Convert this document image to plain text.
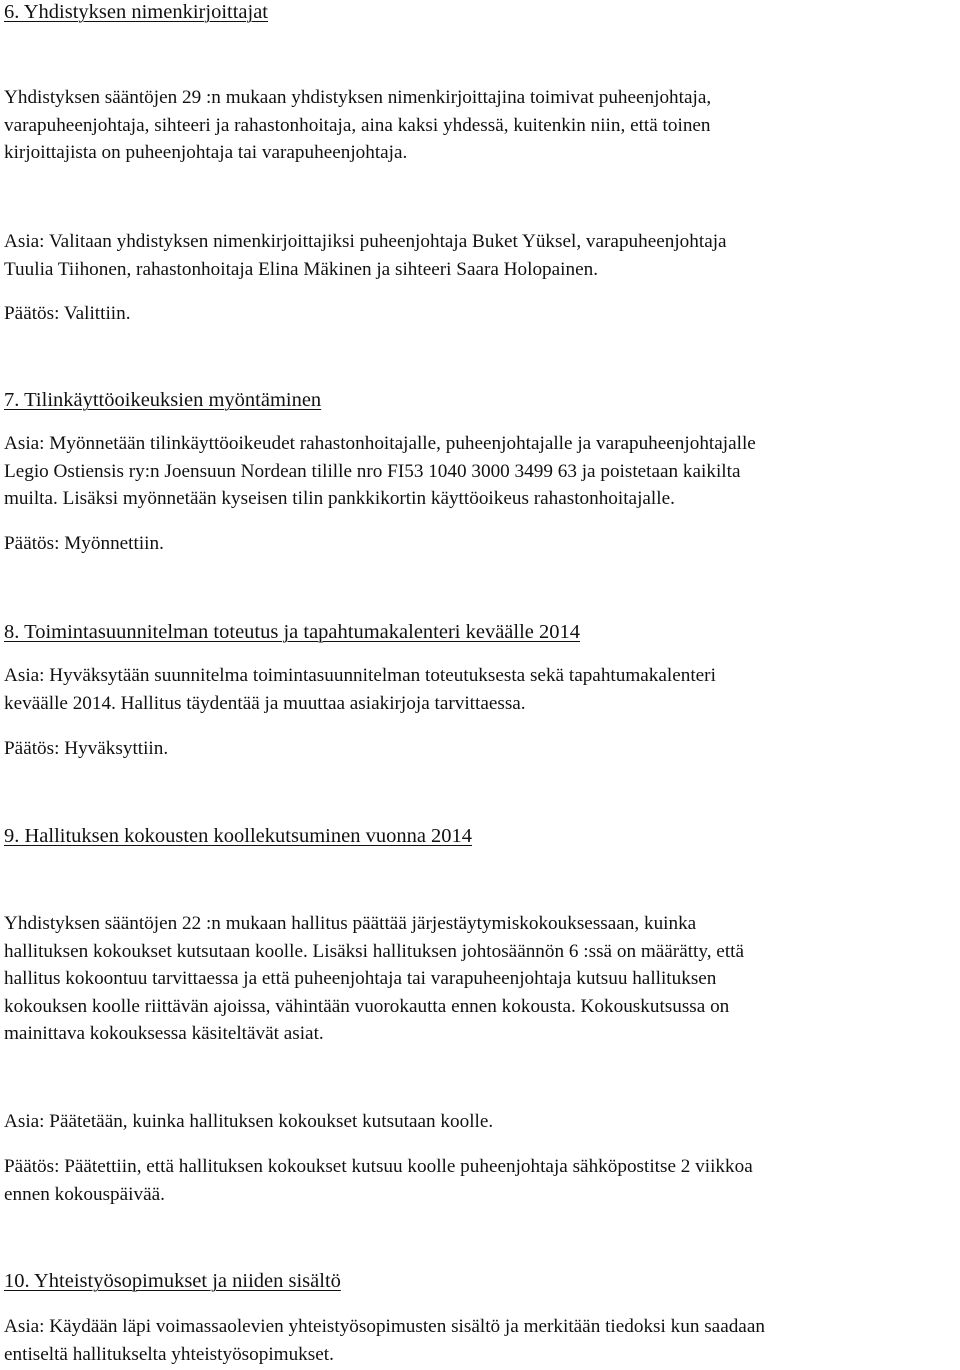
6. Yhdistyksen nimenkirjoittajat
Yhdistyksen sääntöjen 29 :n mukaan yhdistyksen nimenkirjoittajina toimivat puheenjohtaja,
varapuheenjohtaja, sihteeri ja rahastonhoitaja, aina kaksi yhdessä, kuitenkin niin, että toinen
kirjoittajista on puheenjohtaja tai varapuheenjohtaja.
Asia: Valitaan yhdistyksen nimenkirjoittajiksi puheenjohtaja Buket Yüksel, varapuheenjohtaja
Tuulia Tiihonen, rahastonhoitaja Elina Mäkinen ja sihteeri Saara Holopainen.
Päätös: Valittiin.
7. Tilinkäyttöoikeuksien myöntäminen
Asia: Myönnetään tilinkäyttöoikeudet rahastonhoitajalle, puheenjohtajalle ja varapuheenjohtajalle
Legio Ostiensis ry:n Joensuun Nordean tilille nro FI53 1040 3000 3499 63 ja poistetaan kaikilta
muilta. Lisäksi myönnetään kyseisen tilin pankkikortin käyttöoikeus rahastonhoitajalle.
Päätös: Myönnettiin.
8. Toimintasuunnitelman toteutus ja tapahtumakalenteri keväälle 2014
Asia: Hyväksytään suunnitelma toimintasuunnitelman toteutuksesta sekä tapahtumakalenteri
keväälle 2014. Hallitus täydentää ja muuttaa asiakirjoja tarvittaessa.
Päätös: Hyväksyttiin.
9. Hallituksen kokousten koollekutsuminen vuonna 2014
Yhdistyksen sääntöjen 22 :n mukaan hallitus päättää järjestäytymiskokouksessaan, kuinka
hallituksen kokoukset kutsutaan koolle. Lisäksi hallituksen johtosäännön 6 :ssä on määrätty, että
hallitus kokoontuu tarvittaessa ja että puheenjohtaja tai varapuheenjohtaja kutsuu hallituksen
kokouksen koolle riittävän ajoissa, vähintään vuorokautta ennen kokousta. Kokouskutsussa on
mainittava kokouksessa käsiteltävät asiat.
Asia: Päätetään, kuinka hallituksen kokoukset kutsutaan koolle.
Päätös: Päätettiin, että hallituksen kokoukset kutsuu koolle puheenjohtaja sähköpostitse 2 viikkoa
ennen kokouspäivää.
10. Yhteistyösopimukset ja niiden sisältö
Asia: Käydään läpi voimassaolevien yhteistyösopimusten sisältö ja merkitään tiedoksi kun saadaan
entiseltä hallitukselta yhteistyösopimukset.
